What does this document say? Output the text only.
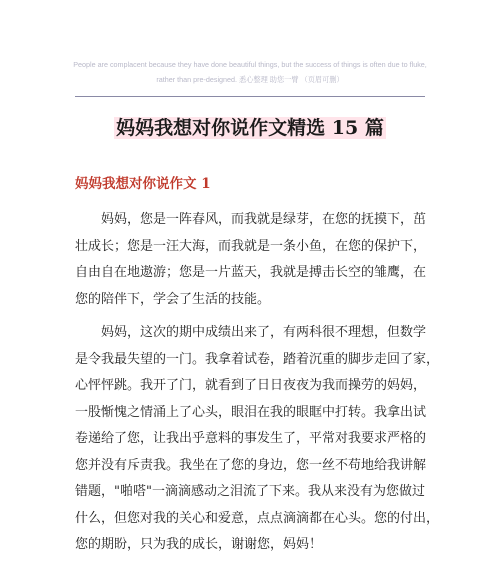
People are complacent because they have done beautiful things, but the success of things is often due to fluke,
rather than pre-designed. 悉心整理 助您一臂 （页眉可删）
妈妈我想对你说作文精选 15 篇
妈妈我想对你说作文 1
　　妈妈，您是一阵春风，而我就是绿芽，在您的抚摸下，茁
壮成长；您是一汪大海，而我就是一条小鱼，在您的保护下，
自由自在地遨游；您是一片蓝天，我就是搏击长空的雏鹰，在
您的陪伴下，学会了生活的技能。
　　妈妈，这次的期中成绩出来了，有两科很不理想，但数学
是令我最失望的一门。我拿着试卷，踏着沉重的脚步走回了家，
心怦怦跳。我开了门，就看到了日日夜夜为我而操劳的妈妈，
一股惭愧之情涌上了心头，眼泪在我的眼眶中打转。我拿出试
卷递给了您，让我出乎意料的事发生了，平常对我要求严格的
您并没有斥责我。我坐在了您的身边，您一丝不苟地给我讲解
错题，"啪嗒"一滴滴感动之泪流了下来。我从来没有为您做过
什么，但您对我的关心和爱意，点点滴滴都在心头。您的付出，
您的期盼，只为我的成长，谢谢您，妈妈！
